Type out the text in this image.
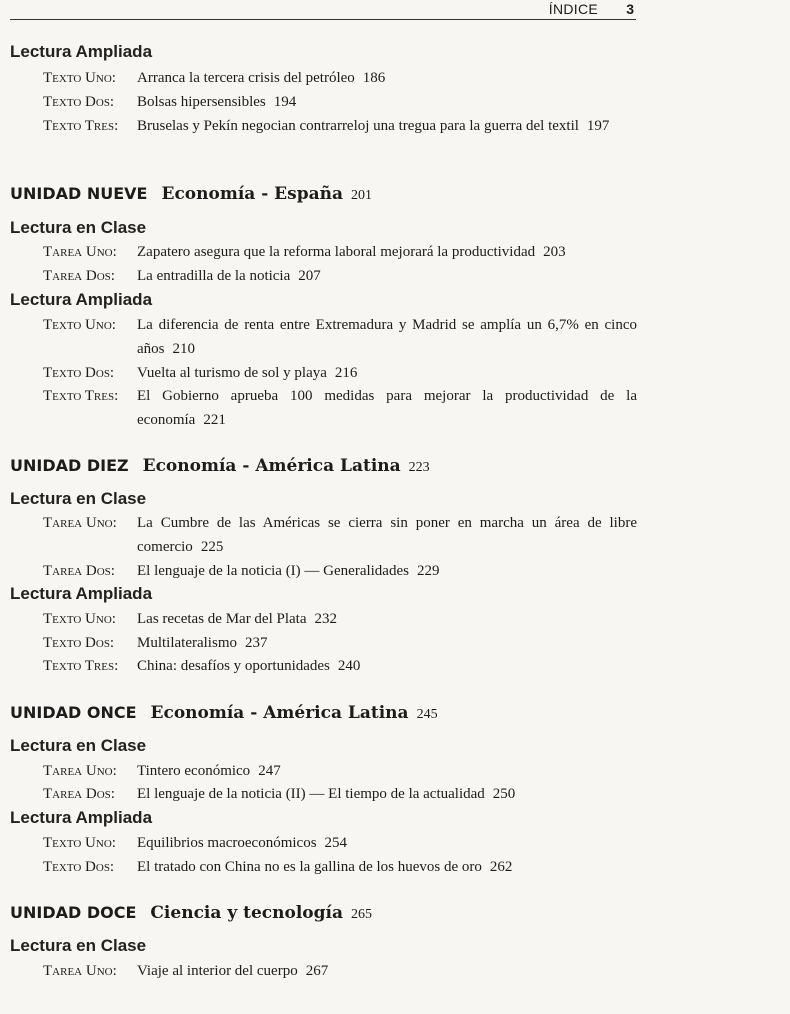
ÍNDICE 3
Lectura Ampliada
Texto Uno: Arranca la tercera crisis del petróleo 186
Texto Dos: Bolsas hipersensibles 194
Texto Tres: Bruselas y Pekín negocian contrarreloj una tregua para la guerra del textil 197
UNIDAD NUEVE Economía - España 201
Lectura en Clase
Tarea Uno: Zapatero asegura que la reforma laboral mejorará la productividad 203
Tarea Dos: La entradilla de la noticia 207
Lectura Ampliada
Texto Uno: La diferencia de renta entre Extremadura y Madrid se amplía un 6,7% en cinco años 210
Texto Dos: Vuelta al turismo de sol y playa 216
Texto Tres: El Gobierno aprueba 100 medidas para mejorar la productividad de la economía 221
UNIDAD DIEZ Economía - América Latina 223
Lectura en Clase
Tarea Uno: La Cumbre de las Américas se cierra sin poner en marcha un área de libre comercio 225
Tarea Dos: El lenguaje de la noticia (I) — Generalidades 229
Lectura Ampliada
Texto Uno: Las recetas de Mar del Plata 232
Texto Dos: Multilateralismo 237
Texto Tres: China: desafíos y oportunidades 240
UNIDAD ONCE Economía - América Latina 245
Lectura en Clase
Tarea Uno: Tintero económico 247
Tarea Dos: El lenguaje de la noticia (II) — El tiempo de la actualidad 250
Lectura Ampliada
Texto Uno: Equilibrios macroeconómicos 254
Texto Dos: El tratado con China no es la gallina de los huevos de oro 262
UNIDAD DOCE Ciencia y tecnología 265
Lectura en Clase
Tarea Uno: Viaje al interior del cuerpo 267
